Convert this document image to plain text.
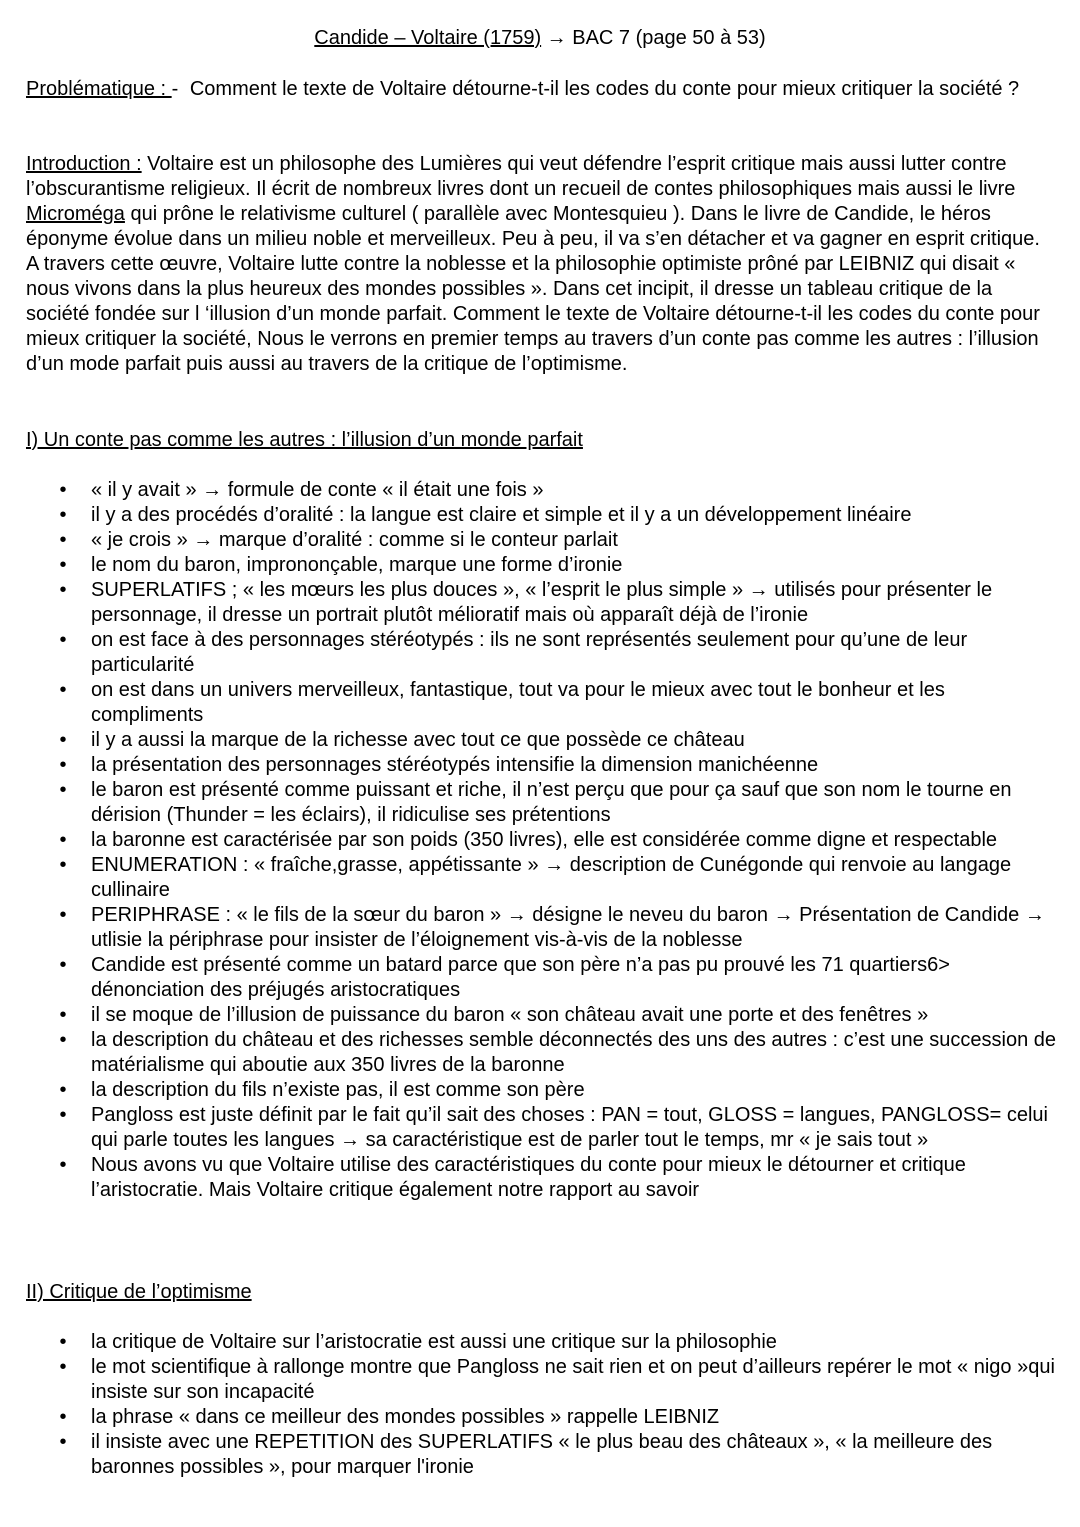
Candide – Voltaire (1759) → BAC 7 (page 50 à 53)
Problématique : - Comment le texte de Voltaire détourne-t-il les codes du conte pour mieux critiquer la société ?
Introduction : Voltaire est un philosophe des Lumières qui veut défendre l’esprit critique mais aussi lutter contre l’obscurantisme religieux. Il écrit de nombreux livres dont un recueil de contes philosophiques mais aussi le livre Microméga qui prône le relativisme culturel ( parallèle avec Montesquieu ). Dans le livre de Candide, le héros éponyme évolue dans un milieu noble et merveilleux. Peu à peu, il va s’en détacher et va gagner en esprit critique. A travers cette œuvre, Voltaire lutte contre la noblesse et la philosophie optimiste prôné par LEIBNIZ qui disait « nous vivons dans la plus heureux des mondes possibles ». Dans cet incipit, il dresse un tableau critique de la société fondée sur l ‘illusion d’un monde parfait. Comment le texte de Voltaire détourne-t-il les codes du conte pour mieux critiquer la société, Nous le verrons en premier temps au travers d’un conte pas comme les autres : l’illusion d’un mode parfait puis aussi au travers de la critique de l’optimisme.
I) Un conte pas comme les autres : l’illusion d’un monde parfait
• « il y avait » → formule de conte « il était une fois »
• il y a des procédés d’oralité : la langue est claire et simple et il y a un développement linéaire
• « je crois » → marque d’oralité : comme si le conteur parlait
• le nom du baron, imprononçable, marque une forme d’ironie
• SUPERLATIFS ; « les mœurs les plus douces », « l’esprit le plus simple » → utilisés pour présenter le personnage, il dresse un portrait plutôt mélioratif mais où apparaît déjà de l’ironie
• on est face à des personnages stéréotypés : ils ne sont représentés seulement pour qu’une de leur particularité
• on est dans un univers merveilleux, fantastique, tout va pour le mieux avec tout le bonheur et les compliments
• il y a aussi la marque de la richesse avec tout ce que possède ce château
• la présentation des personnages stéréotypés intensifie la dimension manichéenne
• le baron est présenté comme puissant et riche, il n’est perçu que pour ça sauf que son nom le tourne en dérision (Thunder = les éclairs), il ridiculise ses prétentions
• la baronne est caractérisée par son poids (350 livres), elle est considérée comme digne et respectable
• ENUMERATION : « fraîche,grasse, appétissante » → description de Cunégonde qui renvoie au langage cullinaire
• PERIPHRASE : « le fils de la sœur du baron » → désigne le neveu du baron → Présentation de Candide → utlisie la périphrase pour insister de l’éloignement vis-à-vis de la noblesse
• Candide est présenté comme un batard parce que son père n’a pas pu prouvé les 71 quartiers6> dénonciation des préjugés aristocratiques
• il se moque de l’illusion de puissance du baron « son château avait une porte et des fenêtres »
• la description du château et des richesses semble déconnectés des uns des autres : c’est une succession de matérialisme qui aboutie aux 350 livres de la baronne
• la description du fils n’existe pas, il est comme son père
• Pangloss est juste définit par le fait qu’il sait des choses : PAN = tout, GLOSS = langues, PANGLOSS= celui qui parle toutes les langues → sa caractéristique est de parler tout le temps, mr « je sais tout »
• Nous avons vu que Voltaire utilise des caractéristiques du conte pour mieux le détourner et critique l’aristocratie. Mais Voltaire critique également notre rapport au savoir
II) Critique de l’optimisme
• la critique de Voltaire sur l’aristocratie est aussi une critique sur la philosophie
• le mot scientifique à rallonge montre que Pangloss ne sait rien et on peut d’ailleurs repérer le mot « nigo »qui insiste sur son incapacité
• la phrase « dans ce meilleur des mondes possibles » rappelle LEIBNIZ
• il insiste avec une REPETITION des SUPERLATIFS « le plus beau des châteaux », « la meilleure des baronnes possibles », pour marquer l'ironie
